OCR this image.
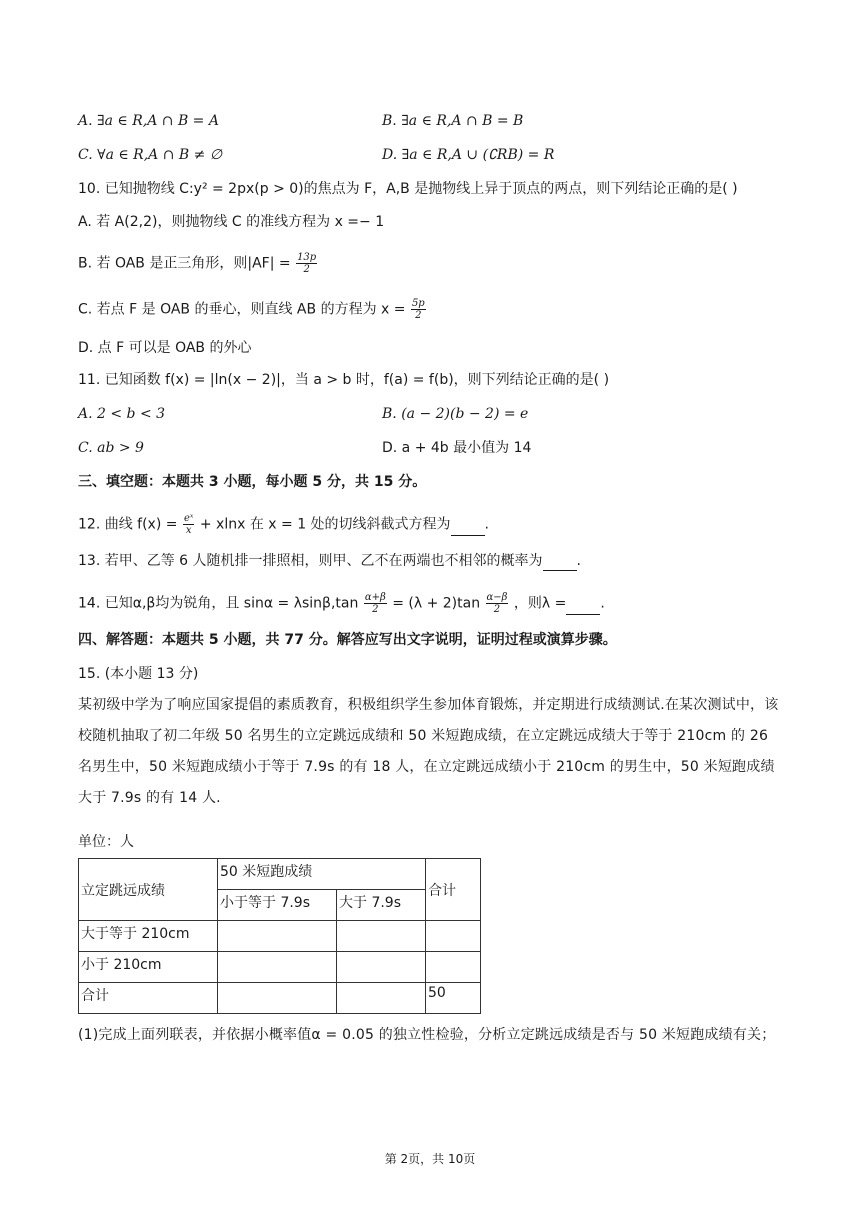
A. ∃a ∈ R,A ∩ B = A	B. ∃a ∈ R,A ∩ B = B
C. ∀a ∈ R,A ∩ B ≠ ∅	D. ∃a ∈ R,A ∪ (∁RB) = R
10. 已知抛物线 C:y² = 2px(p > 0)的焦点为 F，A,B 是抛物线上异于顶点的两点，则下列结论正确的是( )
A. 若 A(2,2)，则抛物线 C 的准线方程为 x =− 1
B. 若 OAB 是正三角形，则$|AF| = \frac{13p}{2}$
C. 若点 F 是 OAB 的垂心，则直线 AB 的方程为 $x = \frac{5p}{2}$
D. 点 F 可以是 OAB 的外心
11. 已知函数 f(x) = |ln(x − 2)|，当 a > b 时，f(a) = f(b)，则下列结论正确的是( )
A. 2 < b < 3	B. (a − 2)(b − 2) = e
C. ab > 9	D. a + 4b 最小值为 14
三、填空题：本题共 3 小题，每小题 5 分，共 15 分。
12. 曲线 $f(x) = \frac{\text{eˣ}}{x} + xlnx$ 在 x = 1 处的切线斜截式方程为 .
13. 若甲、乙等 6 人随机排一排照相，则甲、乙不在两端也不相邻的概率为 .
14. 已知α,β均为锐角，且 $\sin\alpha = \lambda\sin\beta,\tan \frac{\alpha+\beta}{2} = (\lambda + 2)\tan \frac{\alpha-\beta}{2}$ ，则λ = .
四、解答题：本题共 5 小题，共 77 分。解答应写出文字说明，证明过程或演算步骤。
15. (本小题 13 分)
某初级中学为了响应国家提倡的素质教育，积极组织学生参加体育锻炼，并定期进行成绩测试.在某次测试中，该校随机抽取了初二年级 50 名男生的立定跳远成绩和 50 米短跑成绩，在立定跳远成绩大于等于 210cm 的 26 名男生中，50 米短跑成绩小于等于 7.9s 的有 18 人，在立定跳远成绩小于 210cm 的男生中，50 米短跑成绩大于 7.9s 的有 14 人.
单位：人
立定跳远成绩	50 米短跑成绩		合计
	小于等于 7.9s	大于 7.9s	
大于等于 210cm			
小于 210cm			
合计			50
(1)完成上面列联表，并依据小概率值α = 0.05 的独立性检验，分析立定跳远成绩是否与 50 米短跑成绩有关；
第 2页，共 10页
